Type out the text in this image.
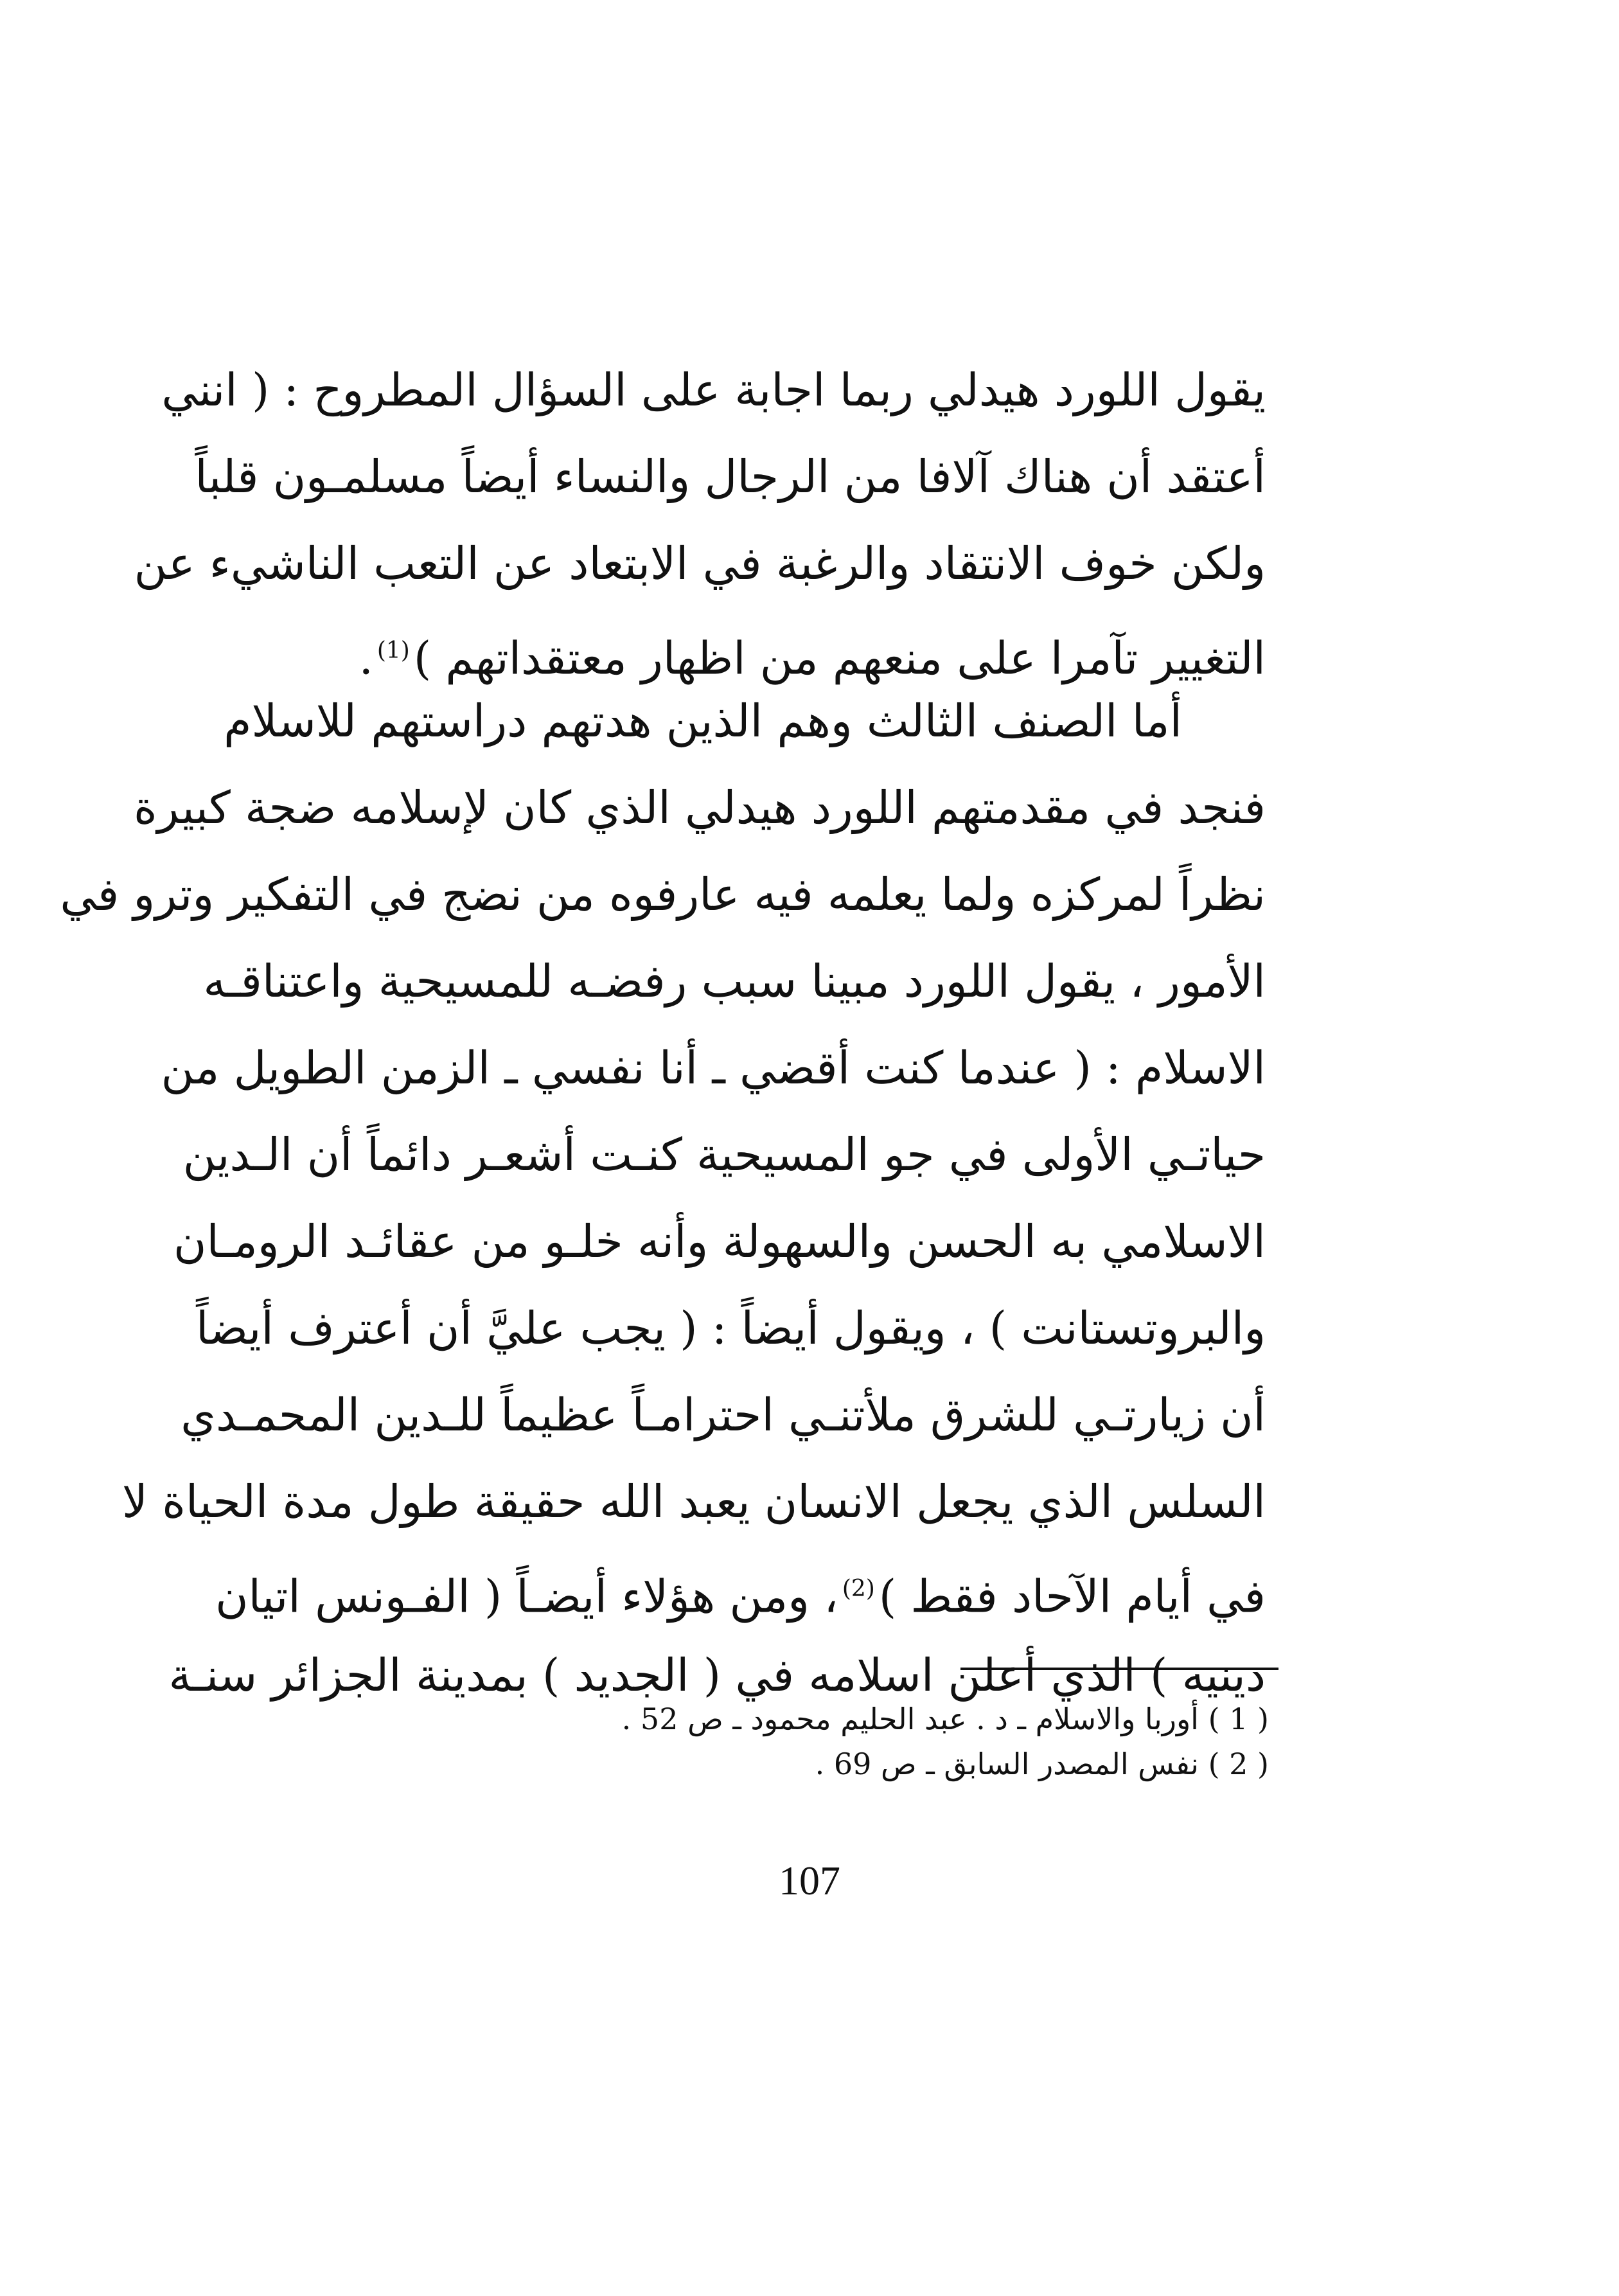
يقول اللورد هيدلي ربما اجابة على السؤال المطروح : ( انني
أعتقد أن هناك آلافا من الرجال والنساء أيضاً مسلمـون قلباً
ولكن خوف الانتقاد والرغبة في الابتعاد عن التعب الناشيء عن
التغيير تآمرا على منعهم من اظهار معتقداتهم )$^{(1)}$.
أما الصنف الثالث وهم الذين هدتهم دراستهم للاسلام
فنجد في مقدمتهم اللورد هيدلي الذي كان لإسلامه ضجة كبيرة
نظراً لمركزه ولما يعلمه فيه عارفوه من نضج في التفكير وترو في
الأمور ، يقول اللورد مبينا سبب رفضـه للمسيحية واعتناقـه
الاسلام : ( عندما كنت أقضي ـ أنا نفسي ـ الزمن الطويل من
حياتـي الأولى في جو المسيحية كنـت أشعـر دائماً أن الـدين
الاسلامي به الحسن والسهولة وأنه خلـو من عقائـد الرومـان
والبروتستانت ) ، ويقول أيضاً : ( يجب عليَّ أن أعترف أيضاً
أن زيارتـي للشرق ملأتنـي احترامـاً عظيماً للـدين المحمـدي
السلس الذي يجعل الانسان يعبد الله حقيقة طول مدة الحياة لا
في أيام الآحاد فقط )$^{(2)}$، ومن هؤلاء أيضـاً ( الفـونس اتيان
دينيه ) الذي أعلن اسلامه في ( الجديد ) بمدينة الجزائر سنـة
( 1 ) أوربا والاسلام ـ د . عبد الحليم محمود ـ ص 52 .
( 2 ) نفس المصدر السابق ـ ص 69 .
107
